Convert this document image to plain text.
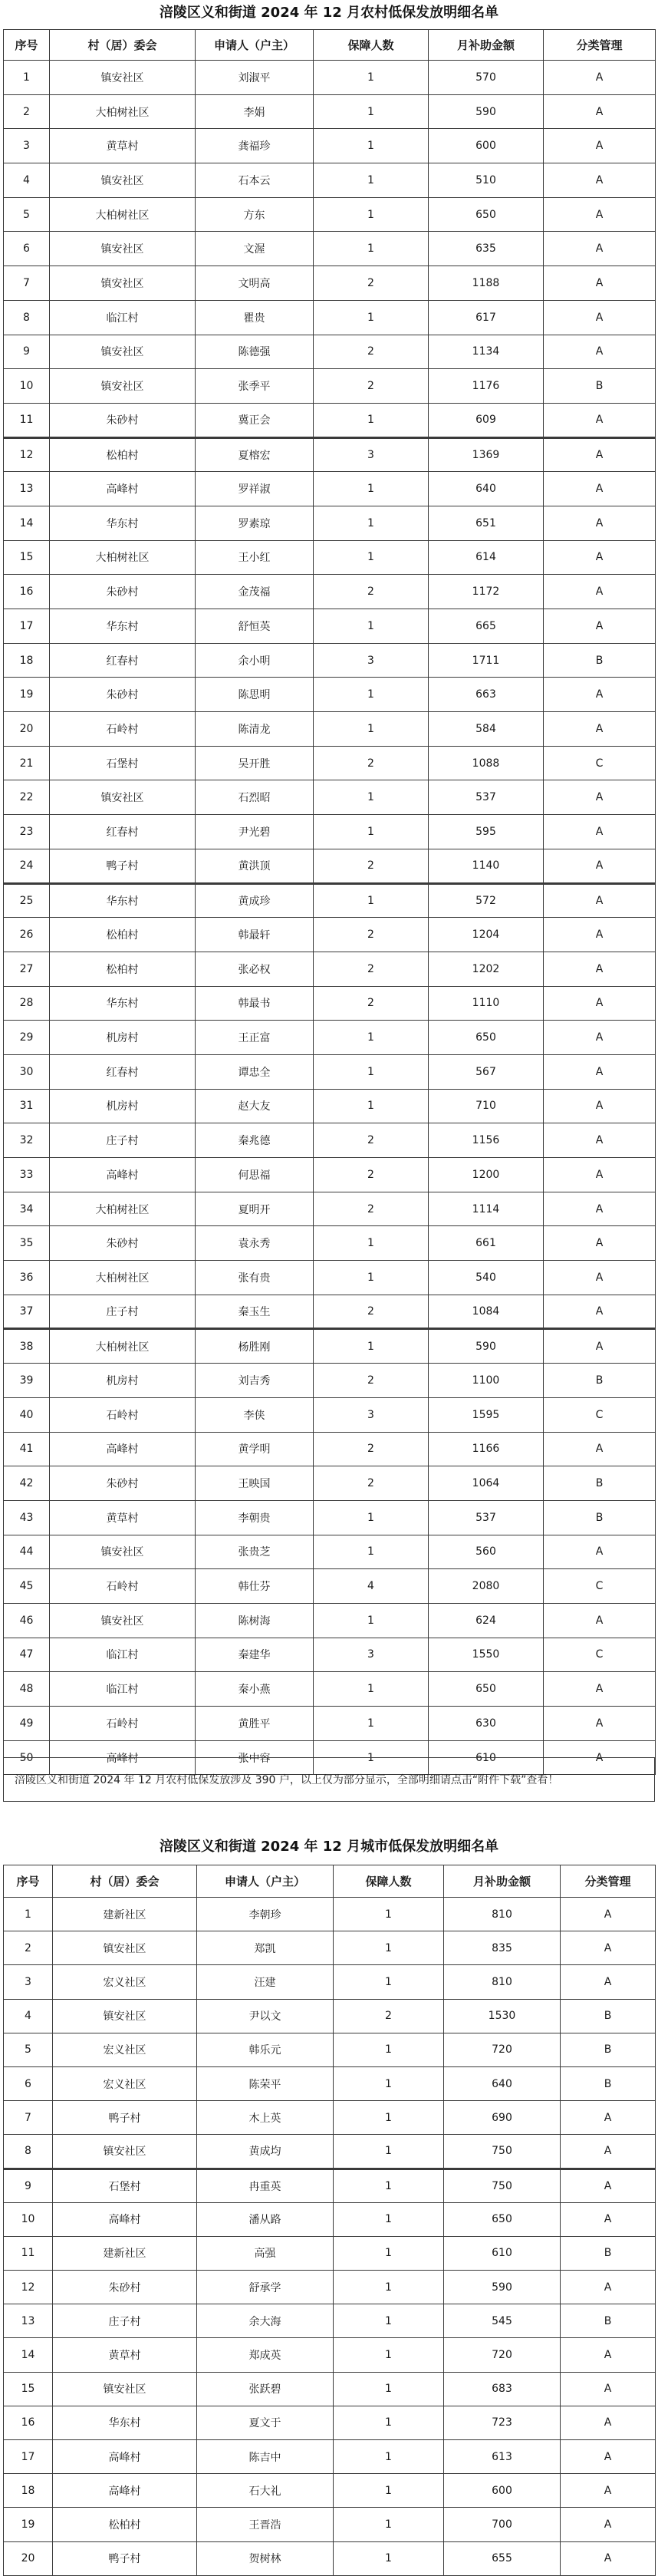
涪陵区义和街道 2024 年 12 月农村低保发放明细名单
序号	村（居）委会	申请人（户主）	保障人数	月补助金额	分类管理
1	镇安社区	刘淑平	1	570	A
2	大柏树社区	李娟	1	590	A
3	黄草村	龚福珍	1	600	A
4	镇安社区	石本云	1	510	A
5	大柏树社区	方东	1	650	A
6	镇安社区	文渥	1	635	A
7	镇安社区	文明高	2	1188	A
8	临江村	瞿贵	1	617	A
9	镇安社区	陈德强	2	1134	A
10	镇安社区	张季平	2	1176	B
11	朱砂村	冀正会	1	609	A
12	松柏村	夏榕宏	3	1369	A
13	高峰村	罗祥淑	1	640	A
14	华东村	罗素琼	1	651	A
15	大柏树社区	王小红	1	614	A
16	朱砂村	金茂福	2	1172	A
17	华东村	舒恒英	1	665	A
18	红春村	余小明	3	1711	B
19	朱砂村	陈思明	1	663	A
20	石岭村	陈清龙	1	584	A
21	石堡村	吴开胜	2	1088	C
22	镇安社区	石烈昭	1	537	A
23	红春村	尹光碧	1	595	A
24	鸭子村	黄洪顶	2	1140	A
25	华东村	黄成珍	1	572	A
26	松柏村	韩最轩	2	1204	A
27	松柏村	张必权	2	1202	A
28	华东村	韩最书	2	1110	A
29	机房村	王正富	1	650	A
30	红春村	谭忠全	1	567	A
31	机房村	赵大友	1	710	A
32	庄子村	秦兆德	2	1156	A
33	高峰村	何思福	2	1200	A
34	大柏树社区	夏明开	2	1114	A
35	朱砂村	袁永秀	1	661	A
36	大柏树社区	张有贵	1	540	A
37	庄子村	秦玉生	2	1084	A
38	大柏树社区	杨胜刚	1	590	A
39	机房村	刘吉秀	2	1100	B
40	石岭村	李侠	3	1595	C
41	高峰村	黄学明	2	1166	A
42	朱砂村	王映国	2	1064	B
43	黄草村	李朝贵	1	537	B
44	镇安社区	张贵芝	1	560	A
45	石岭村	韩仕芬	4	2080	C
46	镇安社区	陈树海	1	624	A
47	临江村	秦建华	3	1550	C
48	临江村	秦小燕	1	650	A
49	石岭村	黄胜平	1	630	A
50	高峰村	张中容	1	610	A
涪陵区义和街道 2024 年 12 月农村低保发放涉及 390 户，以上仅为部分显示，全部明细请点击“附件下载”查看！
涪陵区义和街道 2024 年 12 月城市低保发放明细名单
序号	村（居）委会	申请人（户主）	保障人数	月补助金额	分类管理
1	建新社区	李朝珍	1	810	A
2	镇安社区	郑凯	1	835	A
3	宏义社区	汪建	1	810	A
4	镇安社区	尹以文	2	1530	B
5	宏义社区	韩乐元	1	720	B
6	宏义社区	陈荣平	1	640	B
7	鸭子村	木上英	1	690	A
8	镇安社区	黄成均	1	750	A
9	石堡村	冉重英	1	750	A
10	高峰村	潘从路	1	650	A
11	建新社区	高强	1	610	B
12	朱砂村	舒承学	1	590	A
13	庄子村	余大海	1	545	B
14	黄草村	郑成英	1	720	A
15	镇安社区	张跃碧	1	683	A
16	华东村	夏文于	1	723	A
17	高峰村	陈吉中	1	613	A
18	高峰村	石大礼	1	600	A
19	松柏村	王晋浩	1	700	A
20	鸭子村	贺树林	1	655	A
